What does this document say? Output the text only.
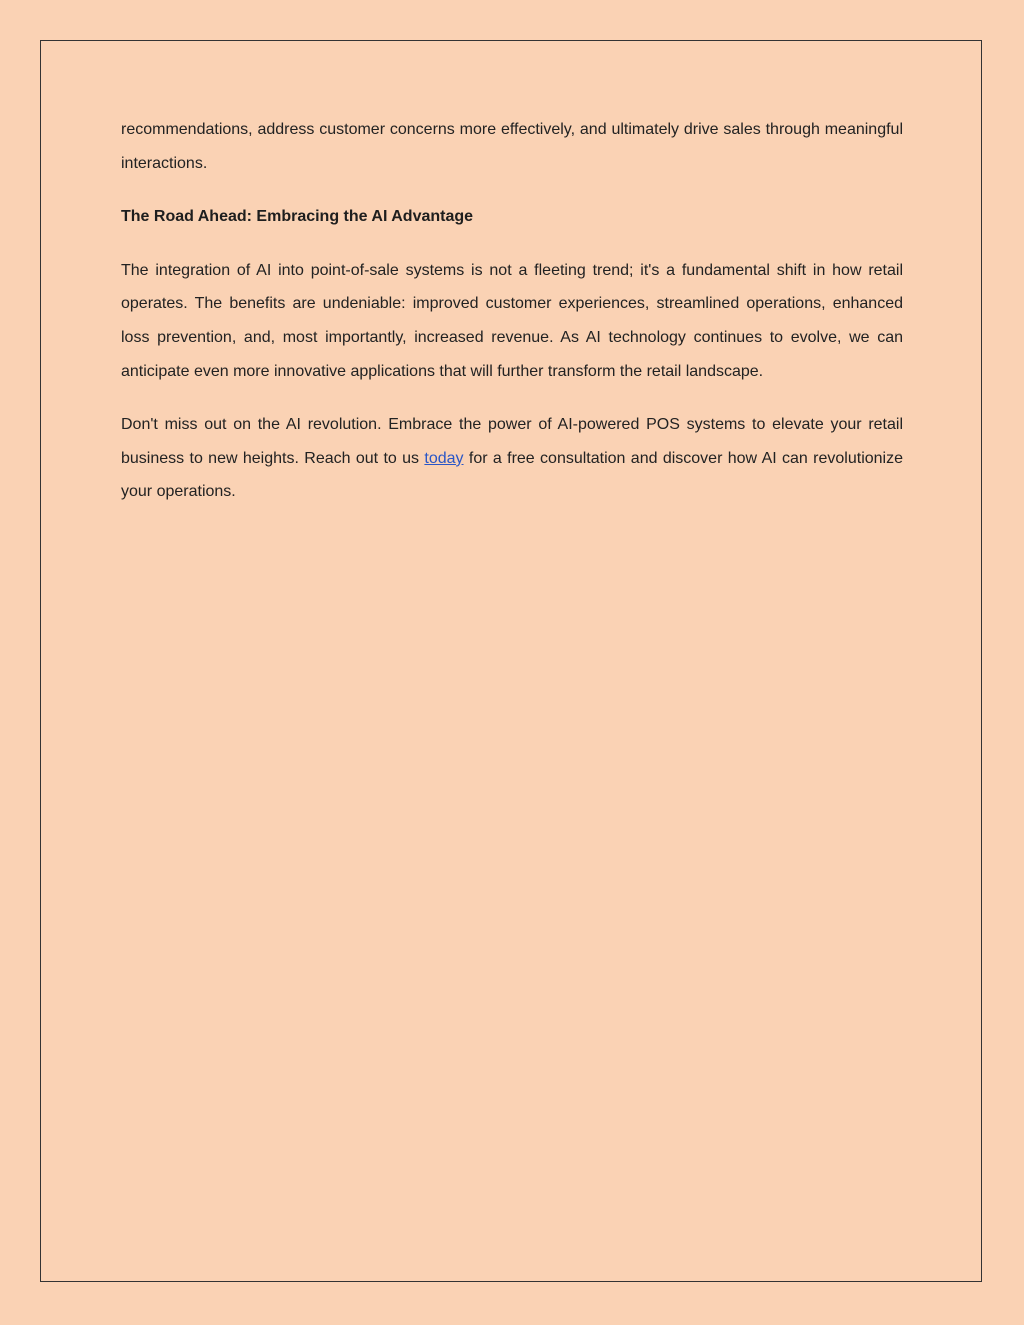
recommendations, address customer concerns more effectively, and ultimately drive sales through meaningful interactions.

The Road Ahead: Embracing the AI Advantage

The integration of AI into point-of-sale systems is not a fleeting trend; it's a fundamental shift in how retail operates. The benefits are undeniable: improved customer experiences, streamlined operations, enhanced loss prevention, and, most importantly, increased revenue. As AI technology continues to evolve, we can anticipate even more innovative applications that will further transform the retail landscape.

Don't miss out on the AI revolution. Embrace the power of AI-powered POS systems to elevate your retail business to new heights. Reach out to us today for a free consultation and discover how AI can revolutionize your operations.
